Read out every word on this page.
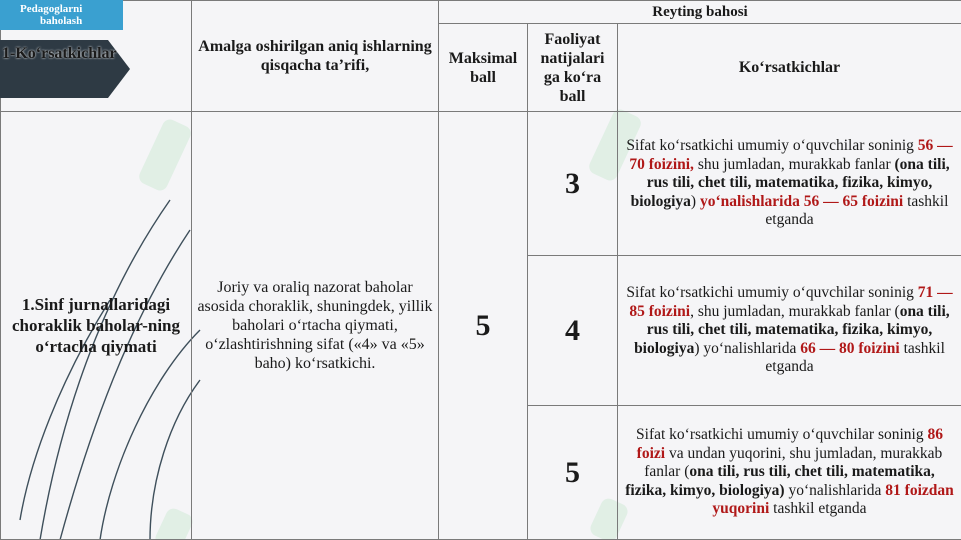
	Amalga oshirilgan aniq ishlarning qisqacha ta’rifi,	Reyting bahosi		
		Maksimal ball	Faoliyat natijalari ga ko‘ra ball	Ko‘rsatkichlar
1.Sinf jurnallaridagi choraklik baholar-ning o‘rtacha qiymati	Joriy va oraliq nazorat baholar asosida choraklik, shuningdek, yillik baholari o‘rtacha qiymati, o‘zlashtirishning sifat («4» va «5» baho) ko‘rsatkichi.	5	3	Sifat ko‘rsatkichi umumiy o‘quvchilar soninig 56 — 70 foizini, shu jumladan, murakkab fanlar (ona tili, rus tili, chet tili, matematika, fizika, kimyo, biologiya) yo‘nalishlarida 56 — 65 foizini tashkil etganda
			4	Sifat ko‘rsatkichi umumiy o‘quvchilar soninig 71 — 85 foizini, shu jumladan, murakkab fanlar (ona tili, rus tili, chet tili, matematika, fizika, kimyo, biologiya) yo‘nalishlarida 66 — 80 foizini tashkil etganda
			5	Sifat ko‘rsatkichi umumiy o‘quvchilar soninig 86 foizi va undan yuqorini, shu jumladan, murakkab fanlar (ona tili, rus tili, chet tili, matematika, fizika, kimyo, biologiya) yo‘nalishlarida 81 foizdan yuqorini tashkil etganda
1-Ko‘rsatkichlar
Pedagoglarni
baholash
